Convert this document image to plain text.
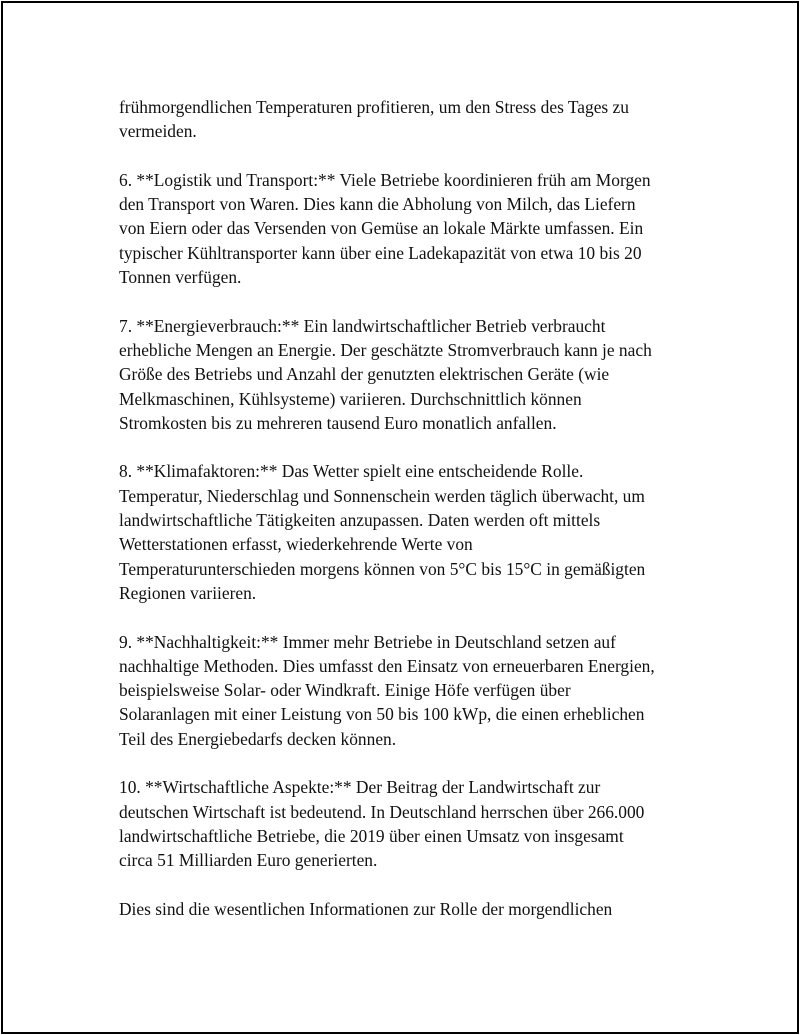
frühmorgendlichen Temperaturen profitieren, um den Stress des Tages zu
vermeiden.

6. **Logistik und Transport:** Viele Betriebe koordinieren früh am Morgen
den Transport von Waren. Dies kann die Abholung von Milch, das Liefern
von Eiern oder das Versenden von Gemüse an lokale Märkte umfassen. Ein
typischer Kühltransporter kann über eine Ladekapazität von etwa 10 bis 20
Tonnen verfügen.

7. **Energieverbrauch:** Ein landwirtschaftlicher Betrieb verbraucht
erhebliche Mengen an Energie. Der geschätzte Stromverbrauch kann je nach
Größe des Betriebs und Anzahl der genutzten elektrischen Geräte (wie
Melkmaschinen, Kühlsysteme) variieren. Durchschnittlich können
Stromkosten bis zu mehreren tausend Euro monatlich anfallen.

8. **Klimafaktoren:** Das Wetter spielt eine entscheidende Rolle.
Temperatur, Niederschlag und Sonnenschein werden täglich überwacht, um
landwirtschaftliche Tätigkeiten anzupassen. Daten werden oft mittels
Wetterstationen erfasst, wiederkehrende Werte von
Temperaturunterschieden morgens können von 5°C bis 15°C in gemäßigten
Regionen variieren.

9. **Nachhaltigkeit:** Immer mehr Betriebe in Deutschland setzen auf
nachhaltige Methoden. Dies umfasst den Einsatz von erneuerbaren Energien,
beispielsweise Solar- oder Windkraft. Einige Höfe verfügen über
Solaranlagen mit einer Leistung von 50 bis 100 kWp, die einen erheblichen
Teil des Energiebedarfs decken können.

10. **Wirtschaftliche Aspekte:** Der Beitrag der Landwirtschaft zur
deutschen Wirtschaft ist bedeutend. In Deutschland herrschen über 266.000
landwirtschaftliche Betriebe, die 2019 über einen Umsatz von insgesamt
circa 51 Milliarden Euro generierten.

Dies sind die wesentlichen Informationen zur Rolle der morgendlichen
